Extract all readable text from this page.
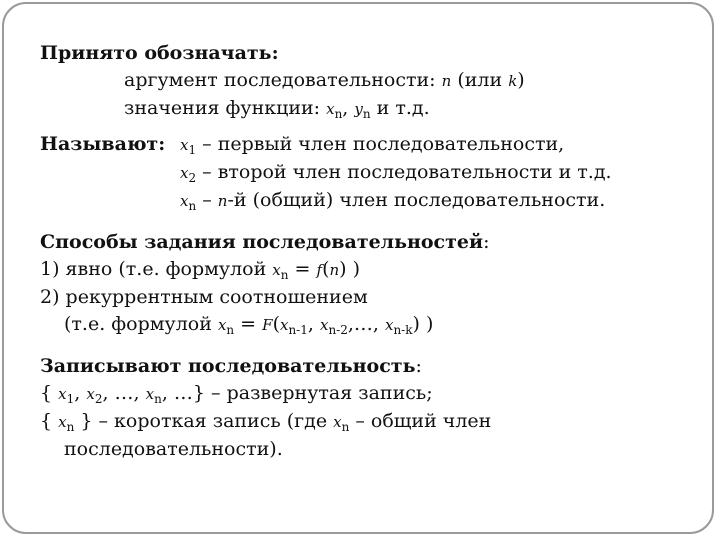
Принято обозначать:
аргумент последовательности: n (или k)
значения функции: $x_n$, $y_n$ и т.д.
Называют: $x_1$ – первый член последовательности,
$x_2$ – второй член последовательности и т.д.
$x_n - n-й$ (общий) член последовательности.
Способы задания последовательностей:
1) явно (т.е. формулой $x_n = f(n)$ )
2) рекуррентным соотношением
(т.е. формулой $x_n = F(x_{n-1}$, $x_{n-2},\dots$, $x_{n-k}$) )
Записывают последовательность:
{ $x_1$, $x_2$, …, $x_n$, …} – развернутая запись;
{ $x_n$ } – короткая запись (где $x_n$ – общий член
последовательности).
